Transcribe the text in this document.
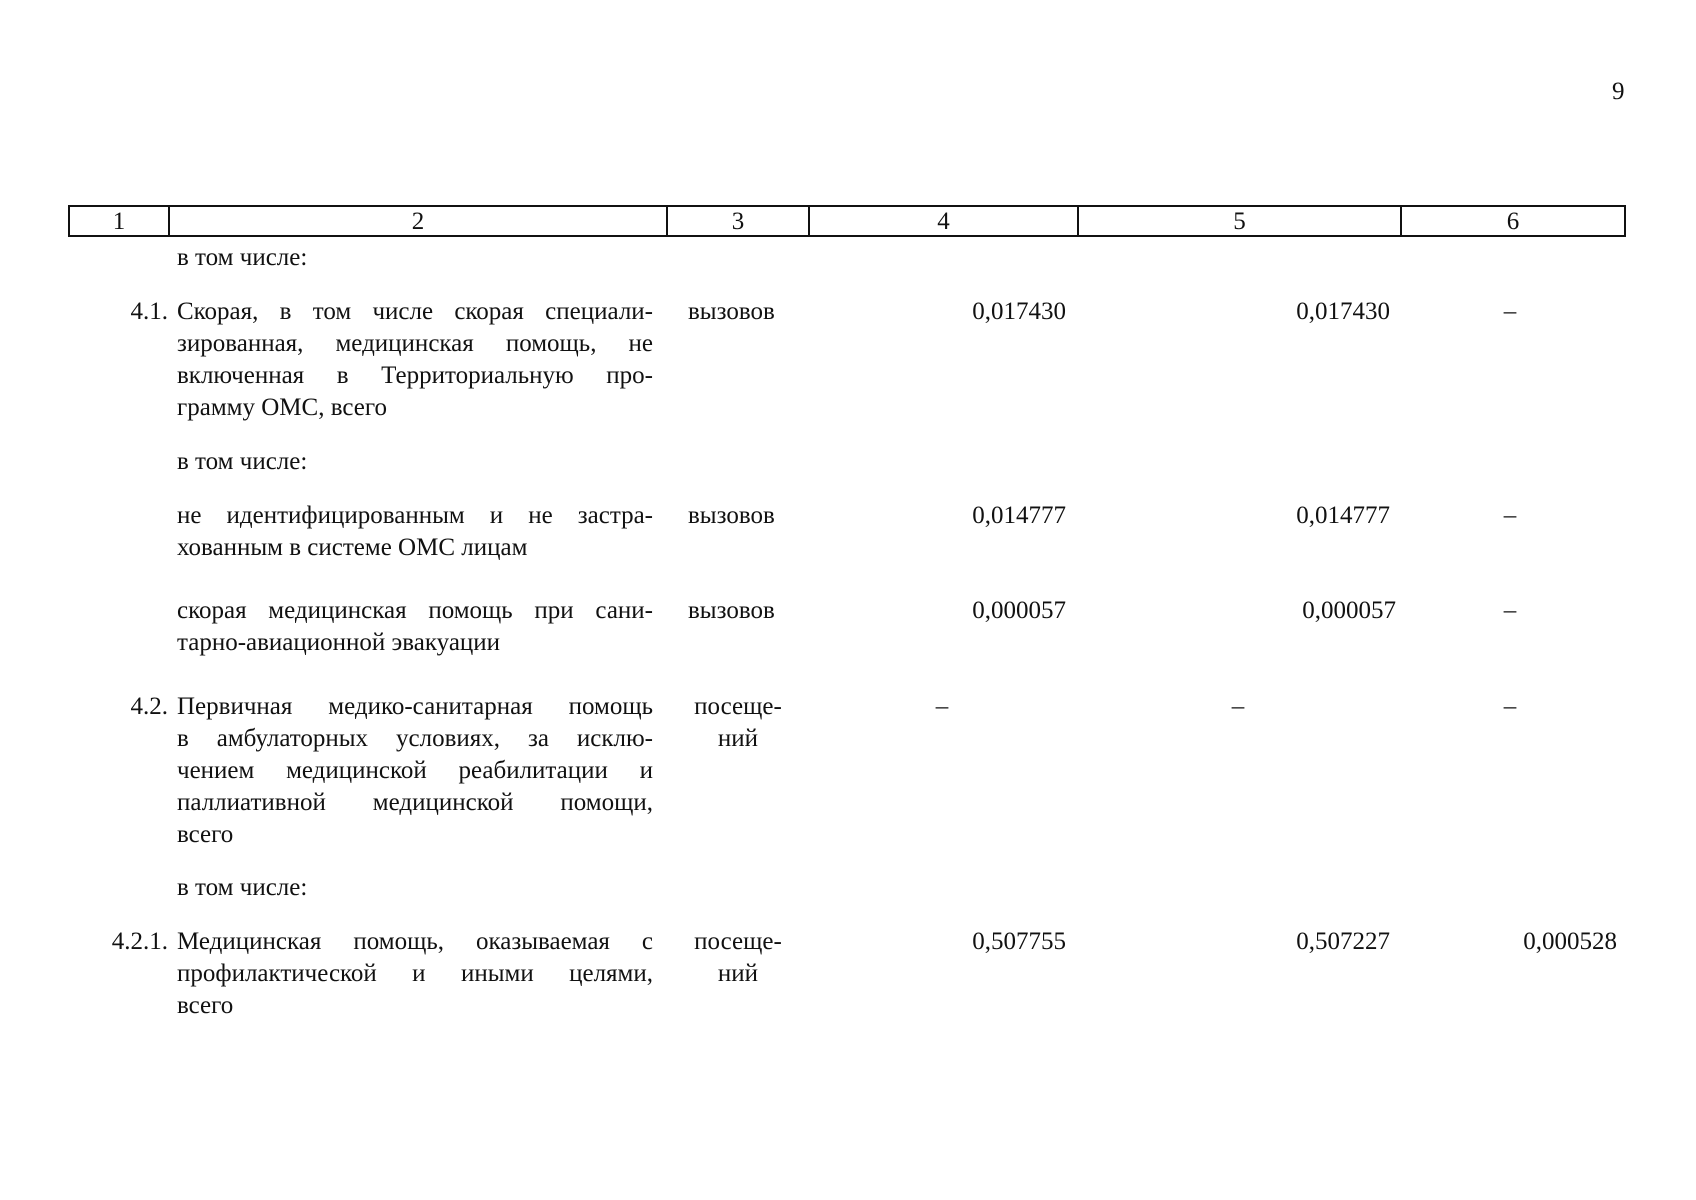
9
1	2	3	4	5	6
в том числе:
4.1. Скорая, в том числе скорая специали-
зированная, медицинская помощь, не
включенная в Территориальную про-
грамму ОМС, всего
вызовов	0,017430	0,017430	–
в том числе:
не идентифицированным и не застра-
хованным в системе ОМС лицам
вызовов	0,014777	0,014777	–
скорая медицинская помощь при сани-
тарно-авиационной эвакуации
вызовов	0,000057	0,000057	–
4.2. Первичная медико-санитарная помощь
в амбулаторных условиях, за исклю-
чением медицинской реабилитации и
паллиативной медицинской помощи,
всего
посеще-
ний
–	–	–
в том числе:
4.2.1. Медицинская помощь, оказываемая с
профилактической и иными целями,
всего
посеще-
ний
0,507755	0,507227	0,000528
